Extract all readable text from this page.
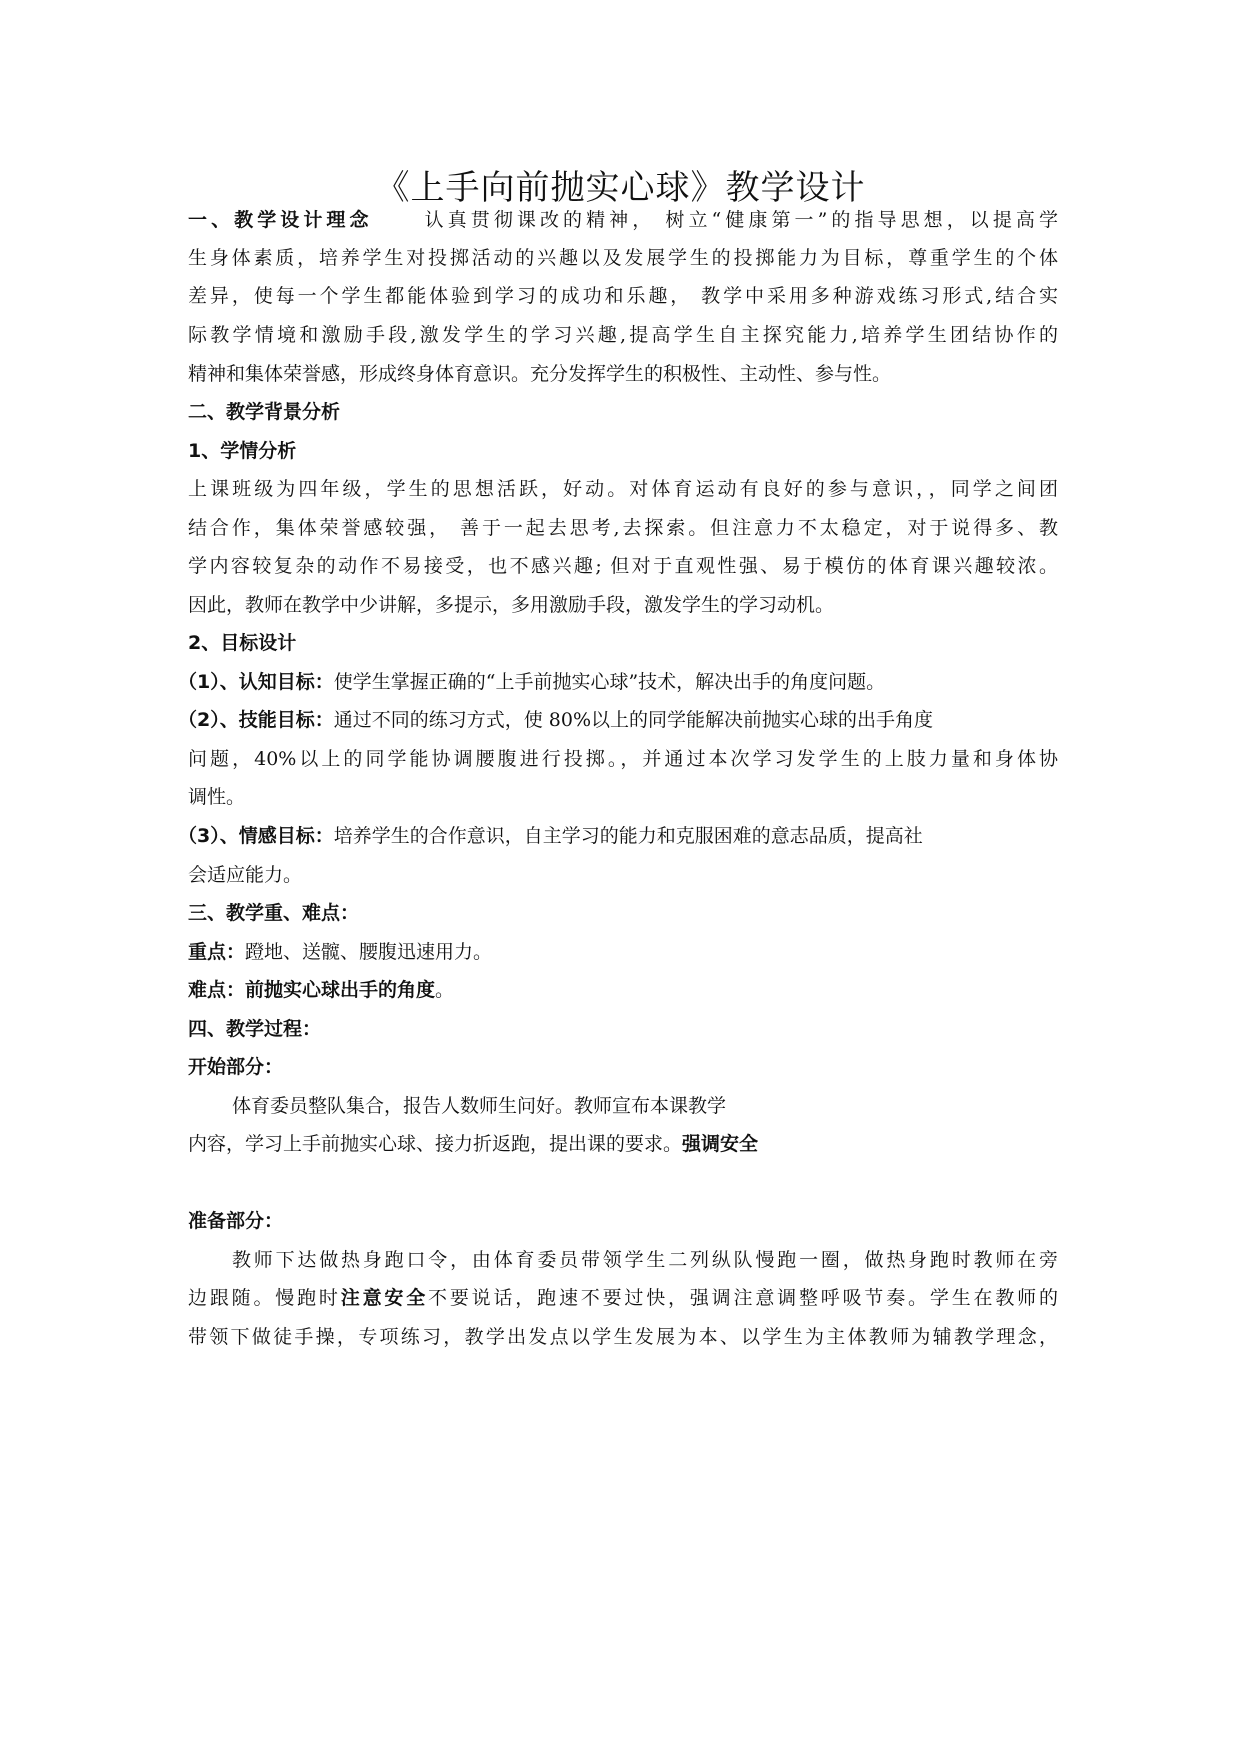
《上手向前抛实心球》教学设计
一、教学设计理念	认真贯彻课改的精神， 树立“健康第一”的指导思想，以提高学
生身体素质，培养学生对投掷活动的兴趣以及发展学生的投掷能力为目标，尊重学生的个体
差异，使每一个学生都能体验到学习的成功和乐趣， 教学中采用多种游戏练习形式,结合实
际教学情境和激励手段,激发学生的学习兴趣,提高学生自主探究能力,培养学生团结协作的
精神和集体荣誉感，形成终身体育意识。充分发挥学生的积极性、主动性、参与性。
二、教学背景分析
1、学情分析
上课班级为四年级，学生的思想活跃，好动。对体育运动有良好的参与意识，，同学之间团
结合作，集体荣誉感较强， 善于一起去思考,去探索。但注意力不太稳定，对于说得多、教
学内容较复杂的动作不易接受，也不感兴趣; 但对于直观性强、易于模仿的体育课兴趣较浓。
因此，教师在教学中少讲解，多提示，多用激励手段，激发学生的学习动机。
2、目标设计
（1）、认知目标：使学生掌握正确的“上手前抛实心球”技术，解决出手的角度问题。
（2）、技能目标：通过不同的练习方式，使 80%以上的同学能解决前抛实心球的出手角度
问题，40%以上的同学能协调腰腹进行投掷。，并通过本次学习发学生的上肢力量和身体协
调性。
（3）、情感目标：培养学生的合作意识，自主学习的能力和克服困难的意志品质，提高社
会适应能力。
三、教学重、难点：
重点：蹬地、送髋、腰腹迅速用力。
难点：前抛实心球出手的角度。
四、教学过程：
开始部分：
体育委员整队集合，报告人数师生问好。教师宣布本课教学
内容，学习上手前抛实心球、接力折返跑，提出课的要求。强调安全
准备部分：
教师下达做热身跑口令，由体育委员带领学生二列纵队慢跑一圈，做热身跑时教师在旁
边跟随。慢跑时注意安全不要说话，跑速不要过快，强调注意调整呼吸节奏。学生在教师的
带领下做徒手操，专项练习，教学出发点以学生发展为本、以学生为主体教师为辅教学理念，
